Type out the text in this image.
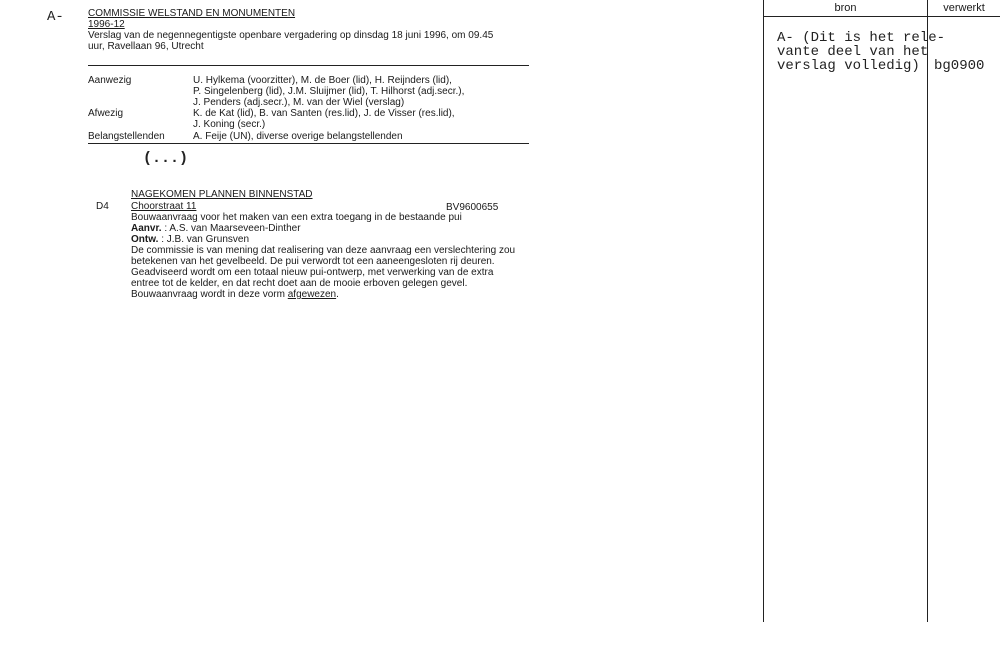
A- COMMISSIE WELSTAND EN MONUMENTEN
1996-12
Verslag van de negennegentigste openbare vergadering op dinsdag 18 juni 1996, om 09.45
uur, Ravellaan 96, Utrecht
Aanwezig	U. Hylkema (voorzitter), M. de Boer (lid), H. Reijnders (lid),
P. Singelenberg (lid), J.M. Sluijmer (lid), T. Hilhorst (adj.secr.),
J. Penders (adj.secr.), M. van der Wiel (verslag)
Afwezig	K. de Kat (lid), B. van Santen (res.lid), J. de Visser (res.lid),
J. Koning (secr.)
Belangstellenden	A. Feije (UN), diverse overige belangstellenden
(...)
NAGEKOMEN PLANNEN BINNENSTAD
D4 Choorstraat 11	BV9600655
Bouwaanvraag voor het maken van een extra toegang in de bestaande pui
Aanvr. : A.S. van Maarseveen-Dinther
Ontw. : J.B. van Grunsven
De commissie is van mening dat realisering van deze aanvraag een verslechtering zou
betekenen van het gevelbeeld. De pui verwordt tot een aaneengesloten rij deuren.
Geadviseerd wordt om een totaal nieuw pui-ontwerp, met verwerking van de extra
entree tot de kelder, en dat recht doet aan de mooie erboven gelegen gevel.
Bouwaanvraag wordt in deze vorm afgewezen.
bron	verwerkt
A- (Dit is het rele-
vante deel van het
verslag volledig) bg0900
